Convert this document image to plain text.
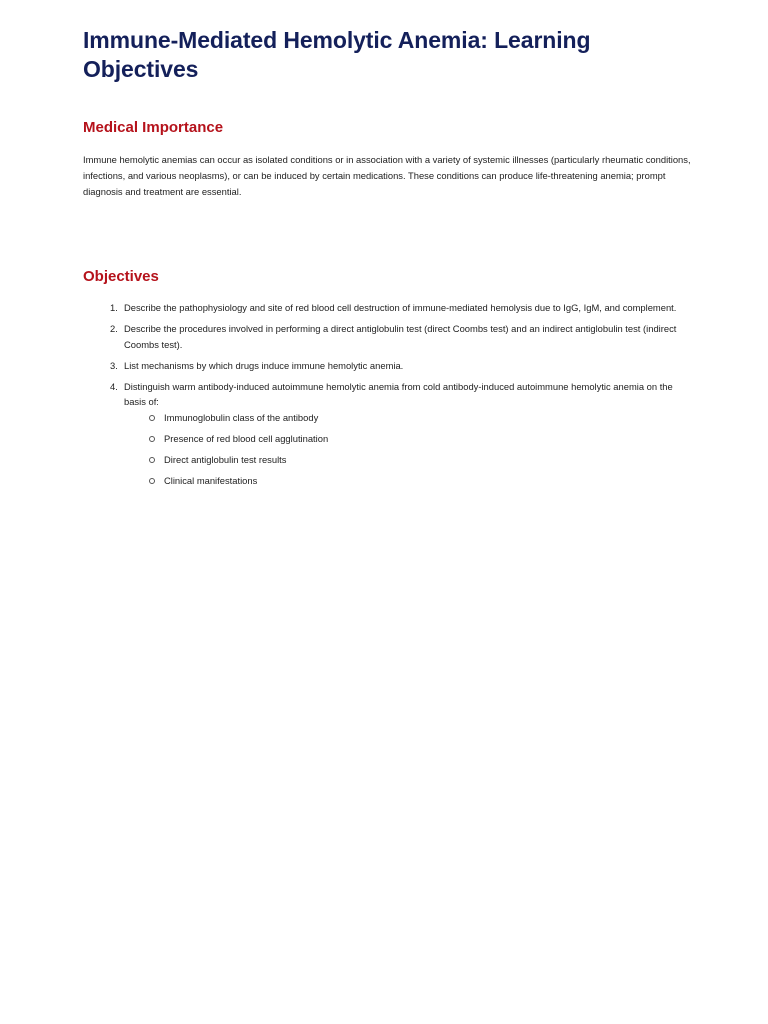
Immune-Mediated Hemolytic Anemia: Learning Objectives
Medical Importance

Immune hemolytic anemias can occur as isolated conditions or in association with a variety of systemic illnesses (particularly rheumatic conditions, infections, and various neoplasms), or can be induced by certain medications. These conditions can produce life-threatening anemia; prompt diagnosis and treatment are essential.

Objectives
1. Describe the pathophysiology and site of red blood cell destruction of immune-mediated hemolysis due to IgG, IgM, and complement.
2. Describe the procedures involved in performing a direct antiglobulin test (direct Coombs test) and an indirect antiglobulin test (indirect Coombs test).
3. List mechanisms by which drugs induce immune hemolytic anemia.
4. Distinguish warm antibody-induced autoimmune hemolytic anemia from cold antibody-induced autoimmune hemolytic anemia on the basis of:
Immunoglobulin class of the antibody
Presence of red blood cell agglutination
Direct antiglobulin test results
Clinical manifestations
